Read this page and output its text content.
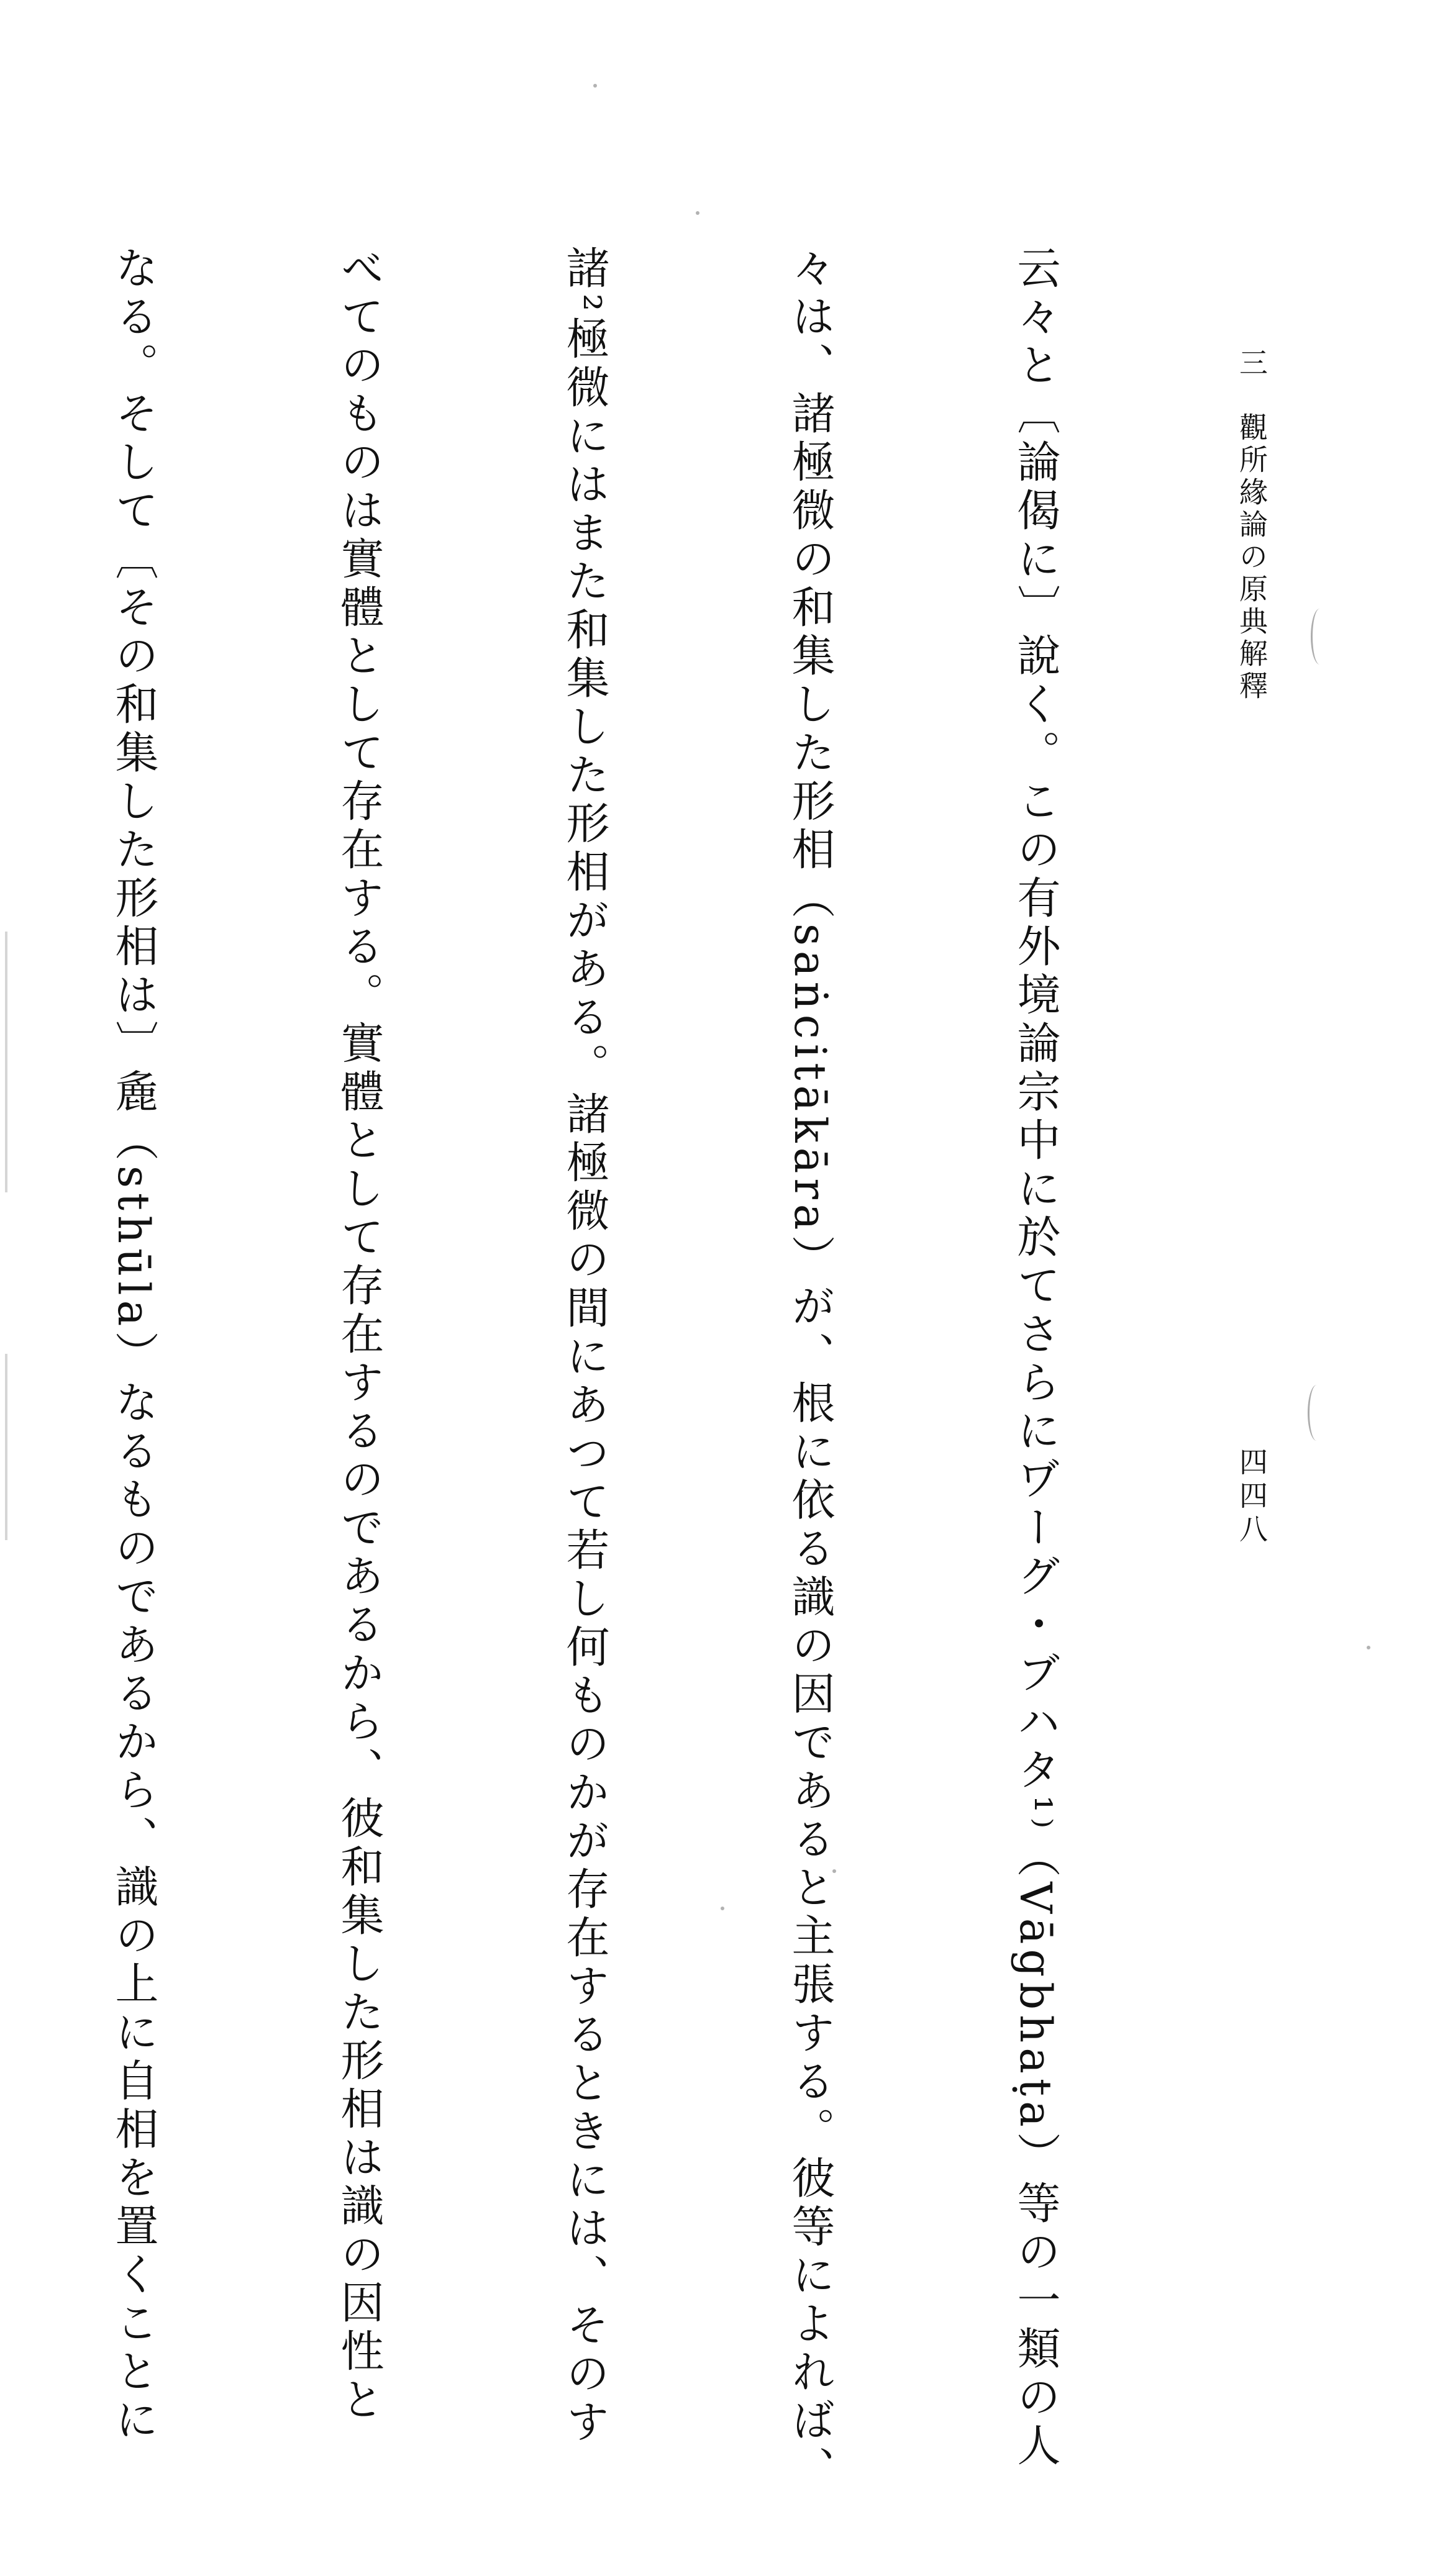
三　觀所緣論の原典解釋
四四八

云々と〔論偈に〕說く。この有外境論宗中に於てさらにヷーグ・ブハタ¹⁾（Vāgbhaṭa）等の一類の人

々は、諸極微の和集した形相（saṅcitākāra）が、根に依る識の因であると主張する。彼等によれば、

諸²極微にはまた和集した形相がある。諸極微の間にあつて若し何ものかが存在するときには、そのす

べてのものは實體として存在する。實體として存在するのであるから、彼和集した形相は識の因性と

なる。そして〔その和集した形相は〕麁（sthūla）なるものであるから、識の上に自相を置くことに
